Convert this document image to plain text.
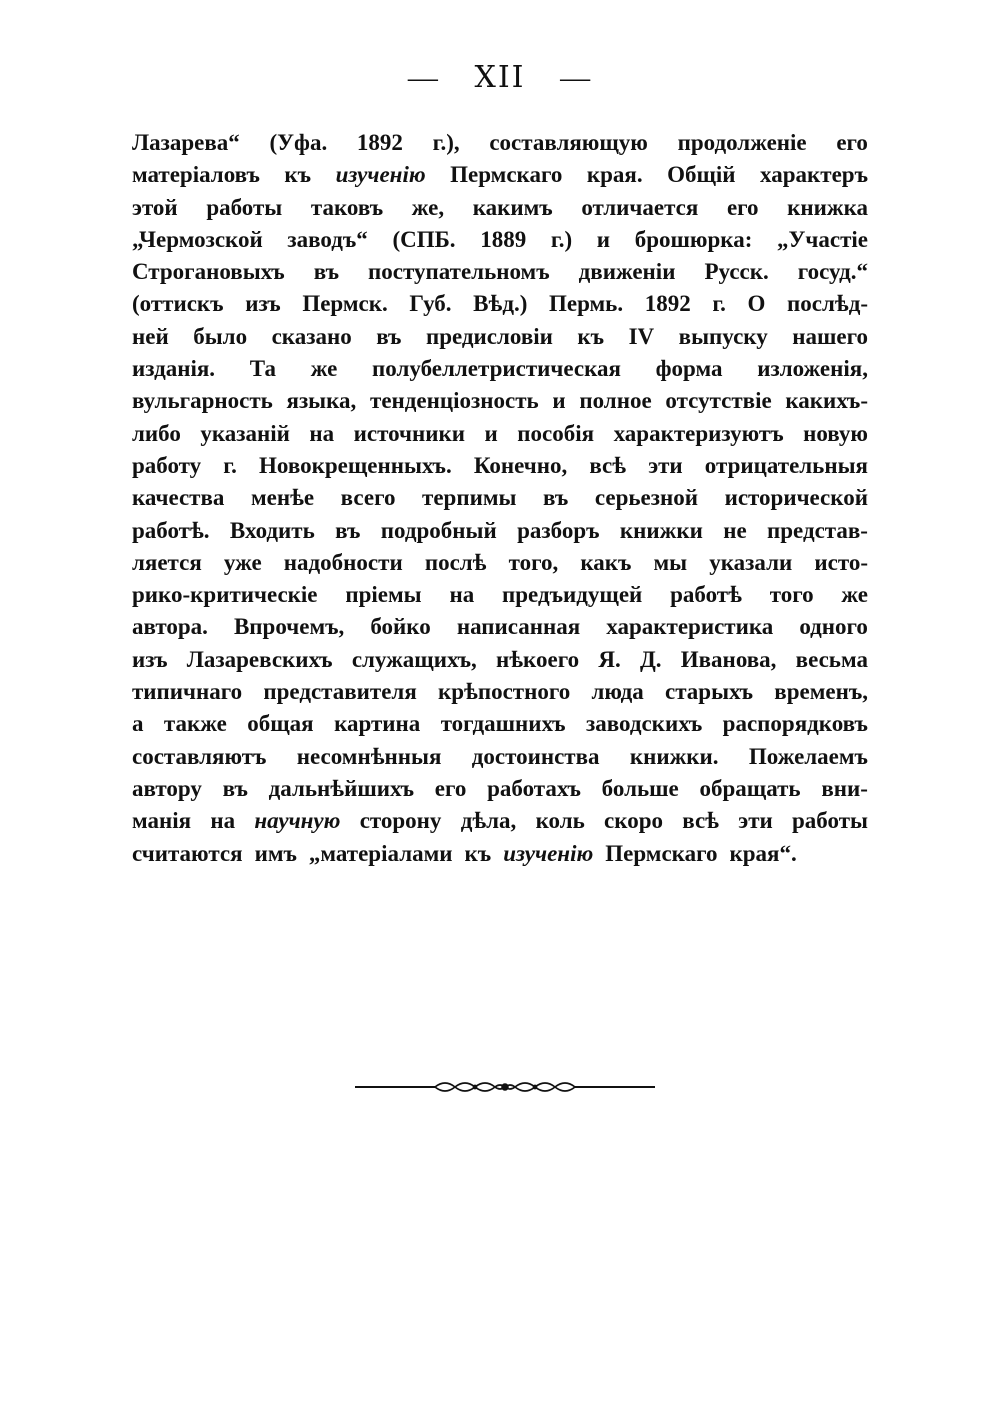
— XII —
Лазарева“ (Уфа. 1892 г.), составляющую продолженіе его
матеріаловъ къ изученію Пермскаго края. Общій характеръ
этой работы таковъ же, какимъ отличается его книжка
„Чермозской заводъ“ (СПБ. 1889 г.) и брошюрка: „Участіе
Строгановыхъ въ поступательномъ движеніи Русск. госуд.“
(оттискъ изъ Пермск. Губ. Вѣд.) Пермь. 1892 г. О послѣд-
ней было сказано въ предисловіи къ IV выпуску нашего
изданія. Та же полубеллетристическая форма изложенія,
вульгарность языка, тенденціозность и полное отсутствіе какихъ-
либо указаній на источники и пособія характеризуютъ новую
работу г. Новокрещенныхъ. Конечно, всѣ эти отрицательныя
качества менѣе всего терпимы въ серьезной исторической
работѣ. Входить въ подробный разборъ книжки не представ-
ляется уже надобности послѣ того, какъ мы указали исто-
рико-критическіе пріемы на предъидущей работѣ того же
автора. Впрочемъ, бойко написанная характеристика одного
изъ Лазаревскихъ служащихъ, нѣкоего Я. Д. Иванова, весьма
типичнаго представителя крѣпостного люда старыхъ временъ,
а также общая картина тогдашнихъ заводскихъ распорядковъ
составляютъ несомнѣнныя достоинства книжки. Пожелаемъ
автору въ дальнѣйшихъ его работахъ больше обращать вни-
манія на научную сторону дѣла, коль скоро всѣ эти работы
считаются имъ „матеріалами къ изученію Пермскаго края“.
